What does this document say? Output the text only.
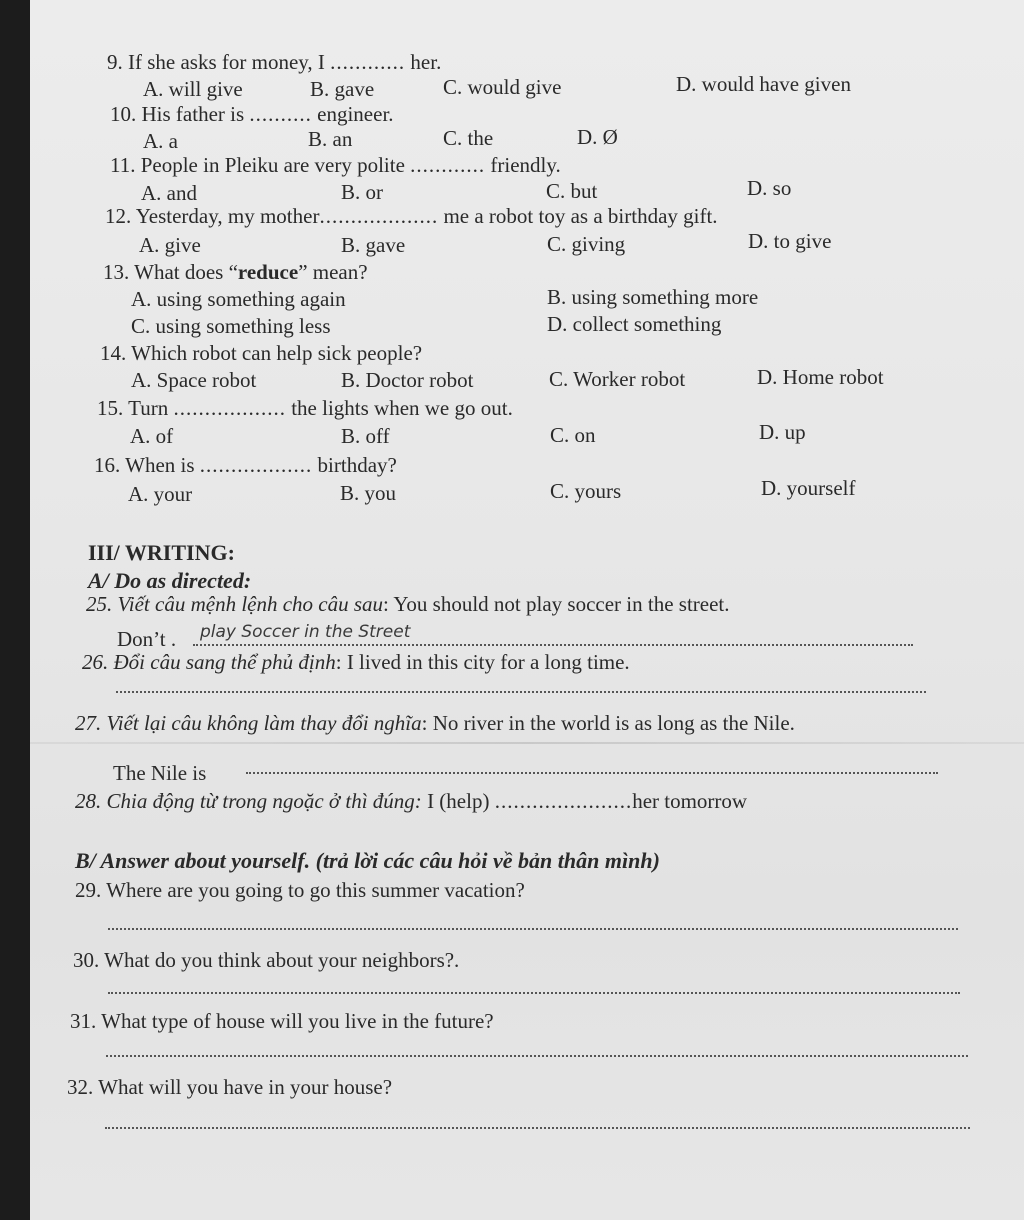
9. If she asks for money, I ............ her.
A. will give	B. gave	C. would give	D. would have given
10. His father is .......... engineer.
A. a	B. an	C. the	D. Ø
11. People in Pleiku are very polite ............ friendly.
A. and	B. or	C. but	D. so
12. Yesterday, my mother................... me a robot toy as a birthday gift.
A. give	B. gave	C. giving	D. to give
13. What does “reduce” mean?
A. using something again	B. using something more
C. using something less	D. collect something
14. Which robot can help sick people?
A. Space robot	B. Doctor robot	C. Worker robot	D. Home robot
15. Turn .................. the lights when we go out.
A. of	B. off	C. on	D. up
16. When is .................. birthday?
A. your	B. you	C. yours	D. yourself
III/ WRITING:
A/ Do as directed:
25. Viết câu mệnh lệnh cho câu sau: You should not play soccer in the street.
Don’t . play Soccer in the Street
26. Đổi câu sang thể phủ định: I lived in this city for a long time.
27. Viết lại câu không làm thay đổi nghĩa: No river in the world is as long as the Nile.
The Nile is
28. Chia động từ trong ngoặc ở thì đúng: I (help) ......................her tomorrow
B/ Answer about yourself. (trả lời các câu hỏi về bản thân mình)
29. Where are you going to go this summer vacation?
30. What do you think about your neighbors?.
31. What type of house will you live in the future?
32. What will you have in your house?
